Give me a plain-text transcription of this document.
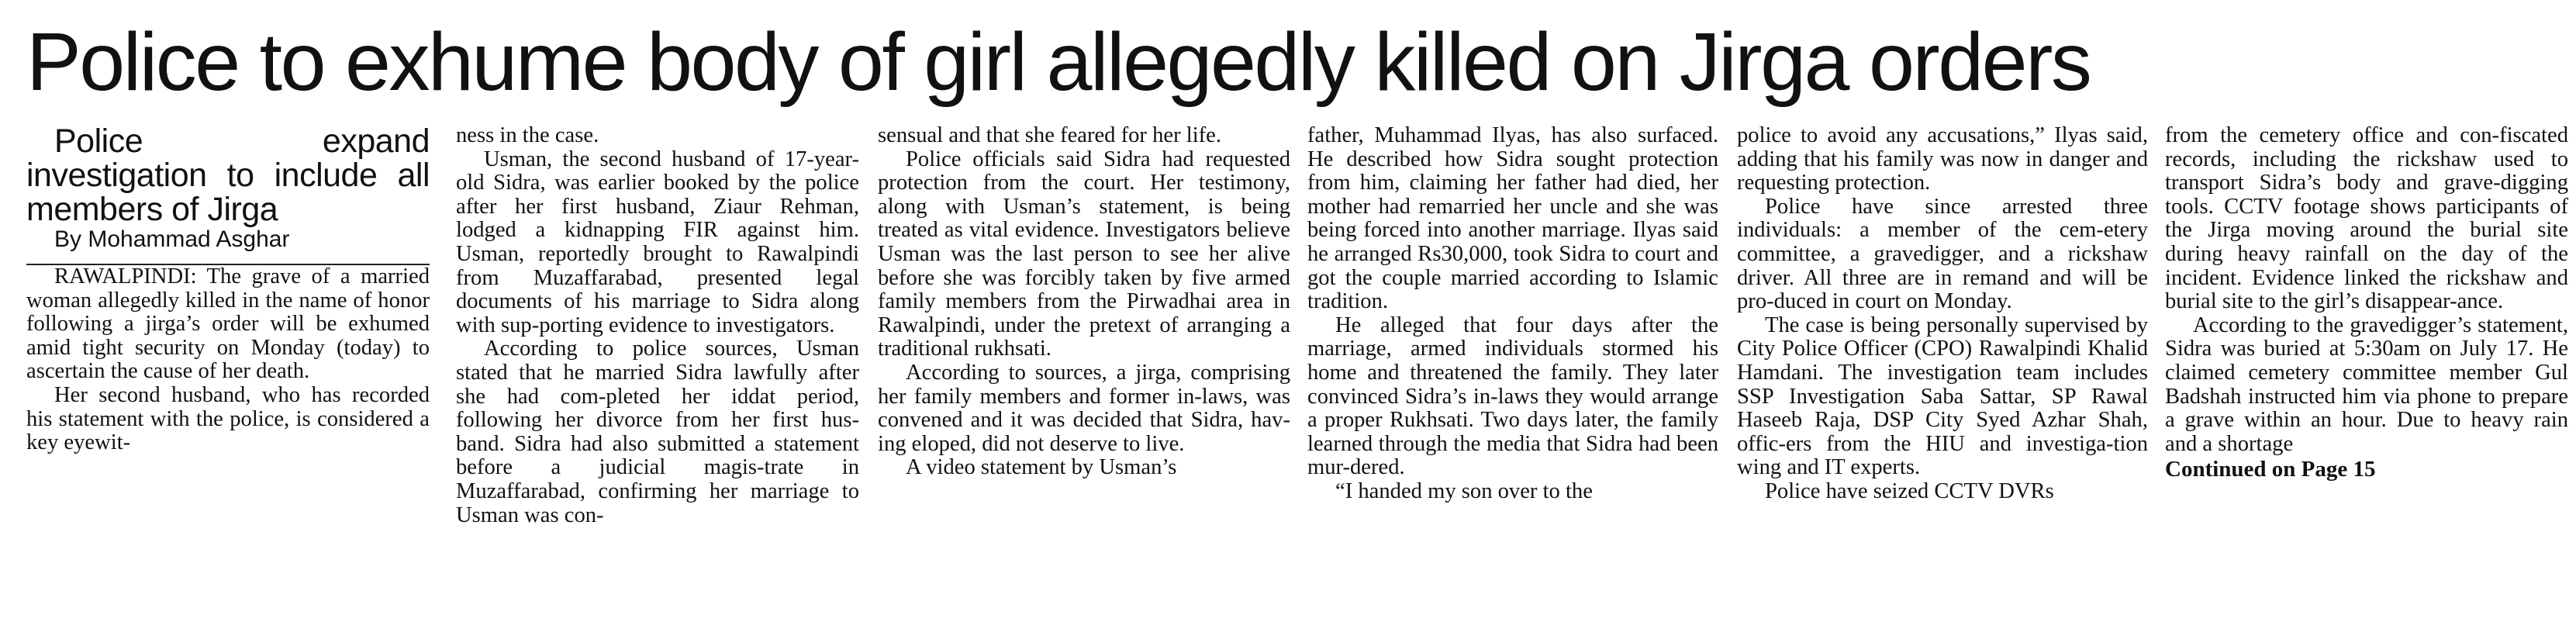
Police to exhume body of girl allegedly killed on Jirga orders

Police expand investigation to include all members of Jirga

By Mohammad Asghar

RAWALPINDI: The grave of a married woman allegedly killed in the name of honor following a jirga’s order will be exhumed amid tight security on Monday (today) to ascertain the cause of her death.

Her second husband, who has recorded his statement with the police, is considered a key eyewit-

ness in the case.

Usman, the second husband of 17-year-old Sidra, was earlier booked by the police after her first husband, Ziaur Rehman, lodged a kidnapping FIR against him. Usman, reportedly brought to Rawalpindi from Muzaffarabad, presented legal documents of his marriage to Sidra along with sup-porting evidence to investigators.

According to police sources, Usman stated that he married Sidra lawfully after she had com-pleted her iddat period, following her divorce from her first hus-band. Sidra had also submitted a statement before a judicial magis-trate in Muzaffarabad, confirming her marriage to Usman was con-

sensual and that she feared for her life.

Police officials said Sidra had requested protection from the court. Her testimony, along with Usman’s statement, is being treated as vital evidence. Investigators believe Usman was the last person to see her alive before she was forcibly taken by five armed family members from the Pirwadhai area in Rawalpindi, under the pretext of arranging a traditional rukhsati.

According to sources, a jirga, comprising her family members and former in-laws, was convened and it was decided that Sidra, hav-ing eloped, did not deserve to live.

A video statement by Usman’s

father, Muhammad Ilyas, has also surfaced. He described how Sidra sought protection from him, claiming her father had died, her mother had remarried her uncle and she was being forced into another marriage. Ilyas said he arranged Rs30,000, took Sidra to court and got the couple married according to Islamic tradition.

He alleged that four days after the marriage, armed individuals stormed his home and threatened the family. They later convinced Sidra’s in-laws they would arrange a proper Rukhsati. Two days later, the family learned through the media that Sidra had been mur-dered.

“I handed my son over to the

police to avoid any accusations,” Ilyas said, adding that his family was now in danger and requesting protection.

Police have since arrested three individuals: a member of the cem-etery committee, a gravedigger, and a rickshaw driver. All three are in remand and will be pro-duced in court on Monday.

The case is being personally supervised by City Police Officer (CPO) Rawalpindi Khalid Hamdani. The investigation team includes SSP Investigation Saba Sattar, SP Rawal Haseeb Raja, DSP City Syed Azhar Shah, offic-ers from the HIU and investiga-tion wing and IT experts.

Police have seized CCTV DVRs

from the cemetery office and con-fiscated records, including the rickshaw used to transport Sidra’s body and grave-digging tools. CCTV footage shows participants of the Jirga moving around the burial site during heavy rainfall on the day of the incident. Evidence linked the rickshaw and burial site to the girl’s disappear-ance.

According to the gravedigger’s statement, Sidra was buried at 5:30am on July 17. He claimed cemetery committee member Gul Badshah instructed him via phone to prepare a grave within an hour. Due to heavy rain and a shortage

Continued on Page 15
